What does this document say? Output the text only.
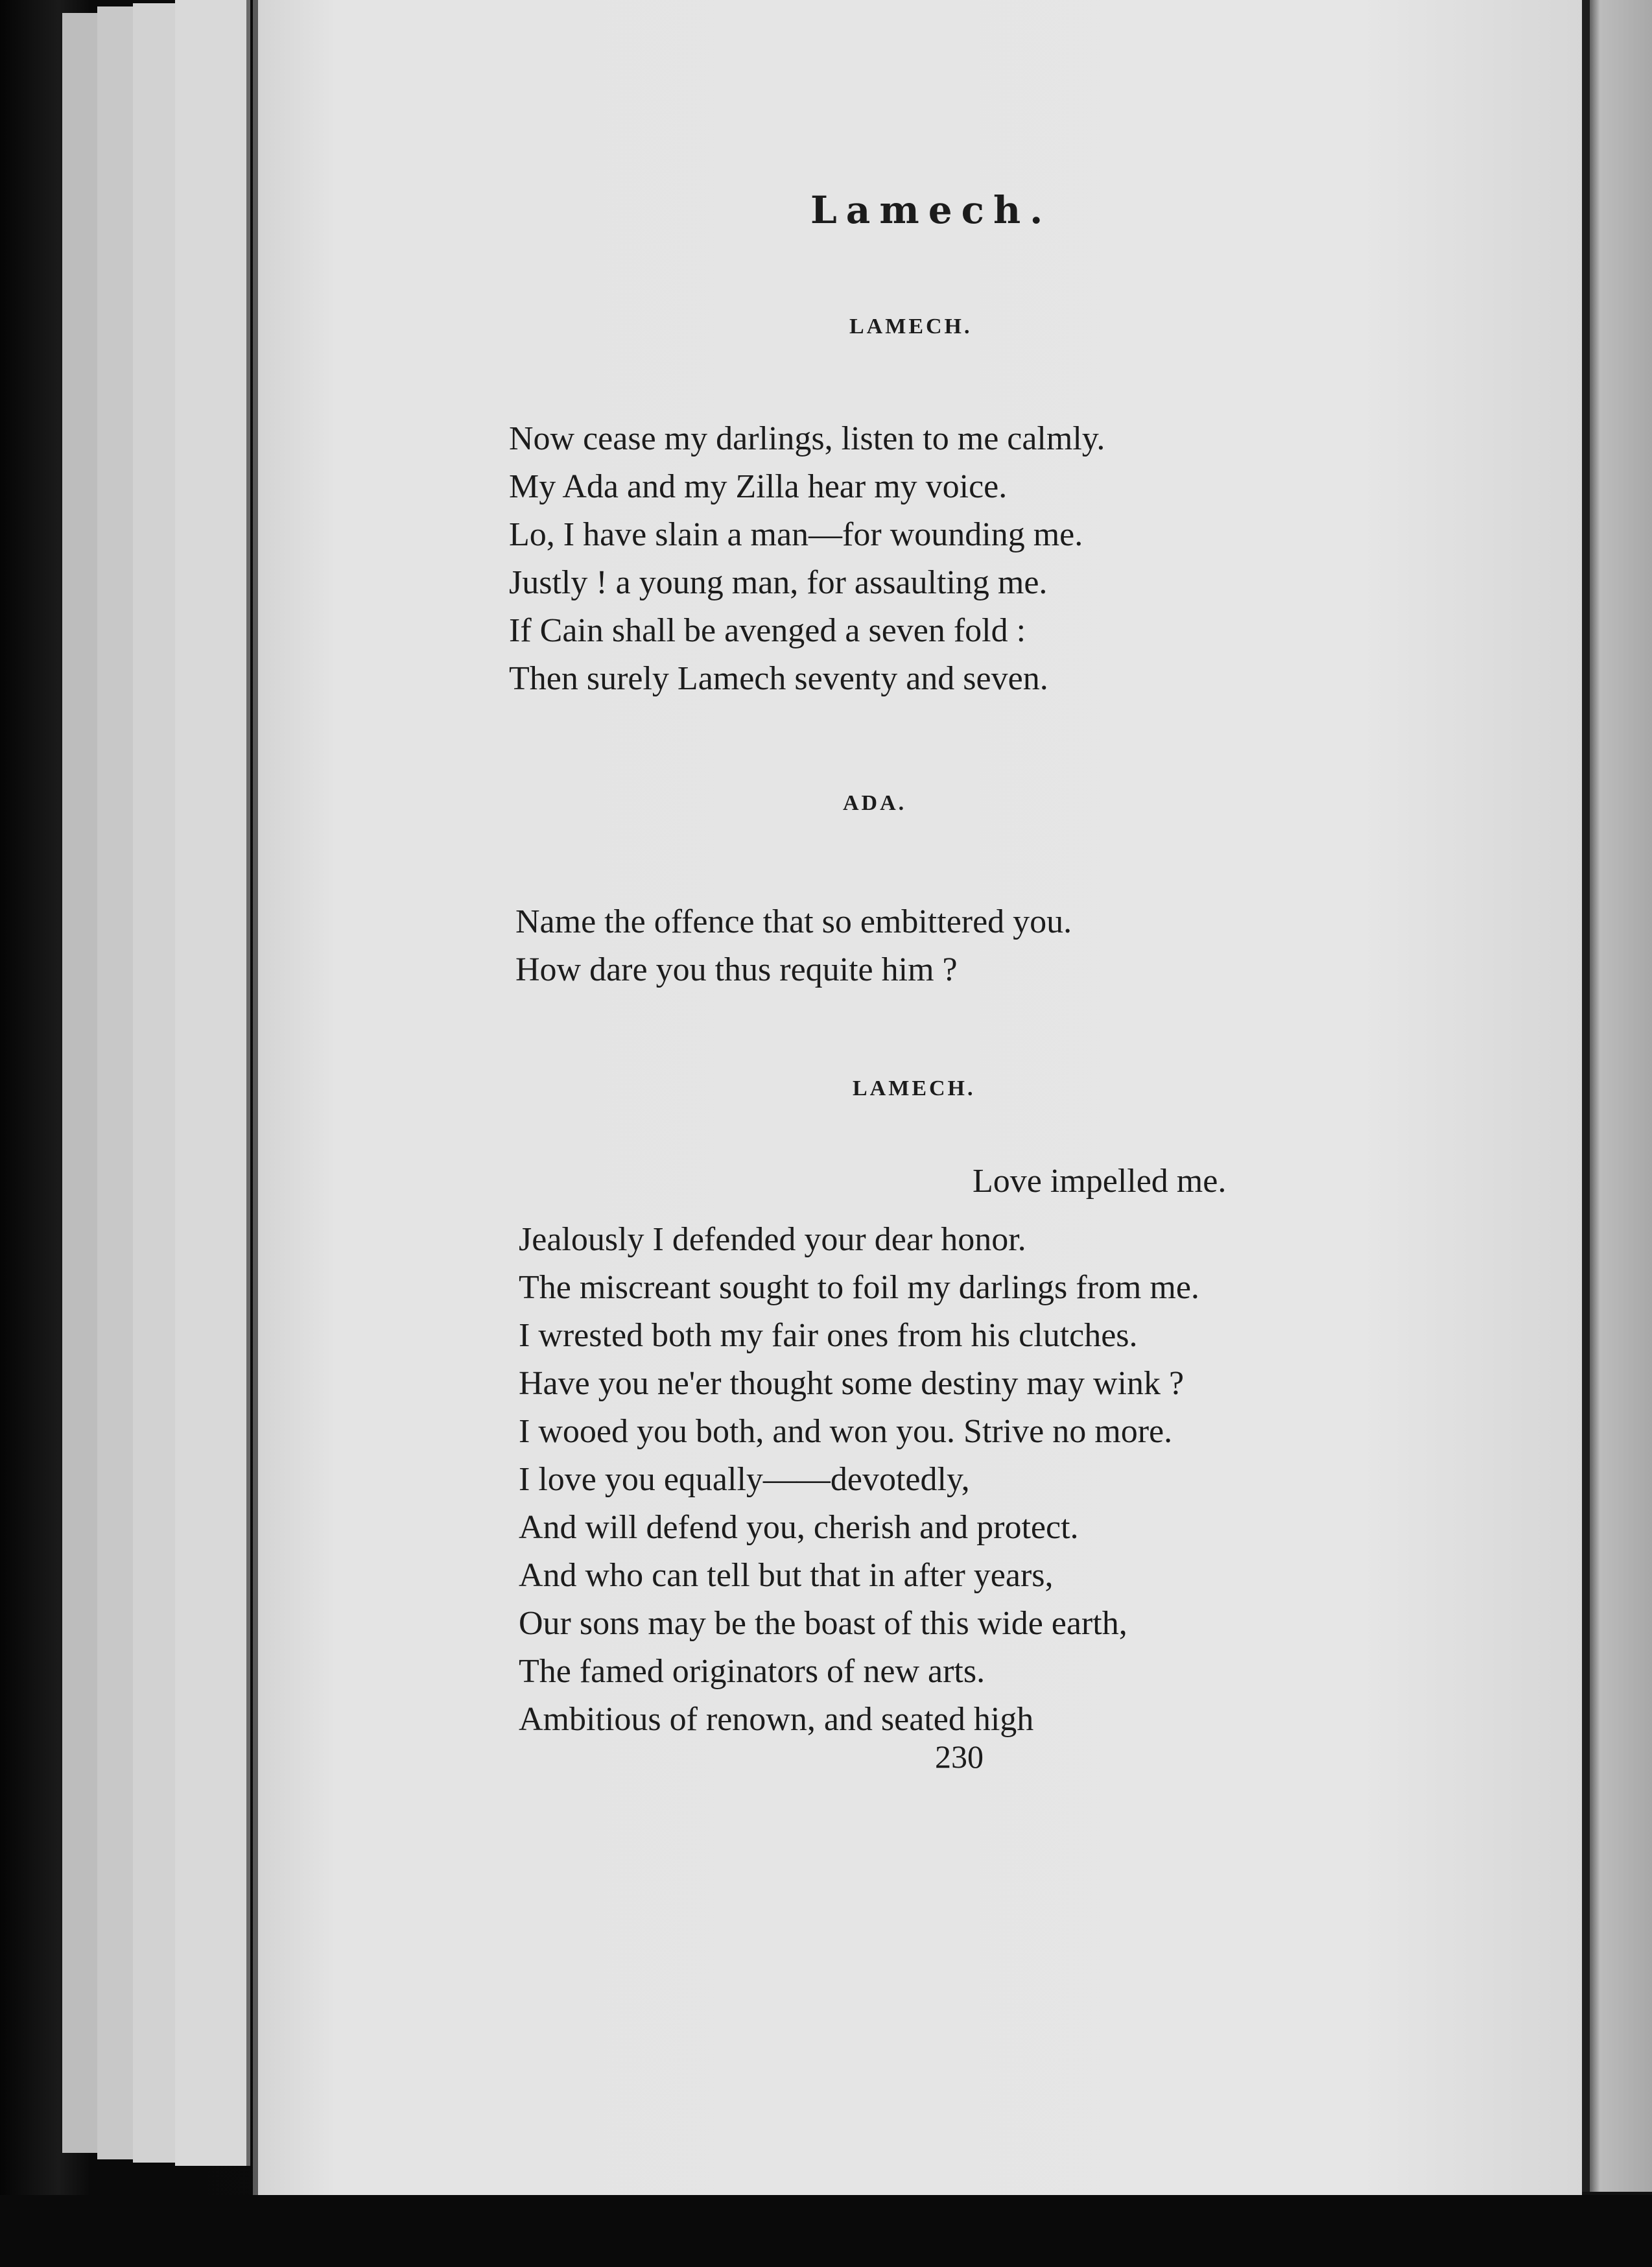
Lamech.
LAMECH.
Now cease my darlings, listen to me calmly.
My Ada and my Zilla hear my voice.
Lo, I have slain a man—for wounding me.
Justly ! a young man, for assaulting me.
If Cain shall be avenged a seven fold :
Then surely Lamech seventy and seven.
ADA.
Name the offence that so embittered you.
How dare you thus requite him ?
LAMECH.
Love impelled me.
Jealously I defended your dear honor.
The miscreant sought to foil my darlings from me.
I wrested both my fair ones from his clutches.
Have you ne'er thought some destiny may wink ?
I wooed you both, and won you. Strive no more.
I love you equally——devotedly,
And will defend you, cherish and protect.
And who can tell but that in after years,
Our sons may be the boast of this wide earth,
The famed originators of new arts.
Ambitious of renown, and seated high
230
